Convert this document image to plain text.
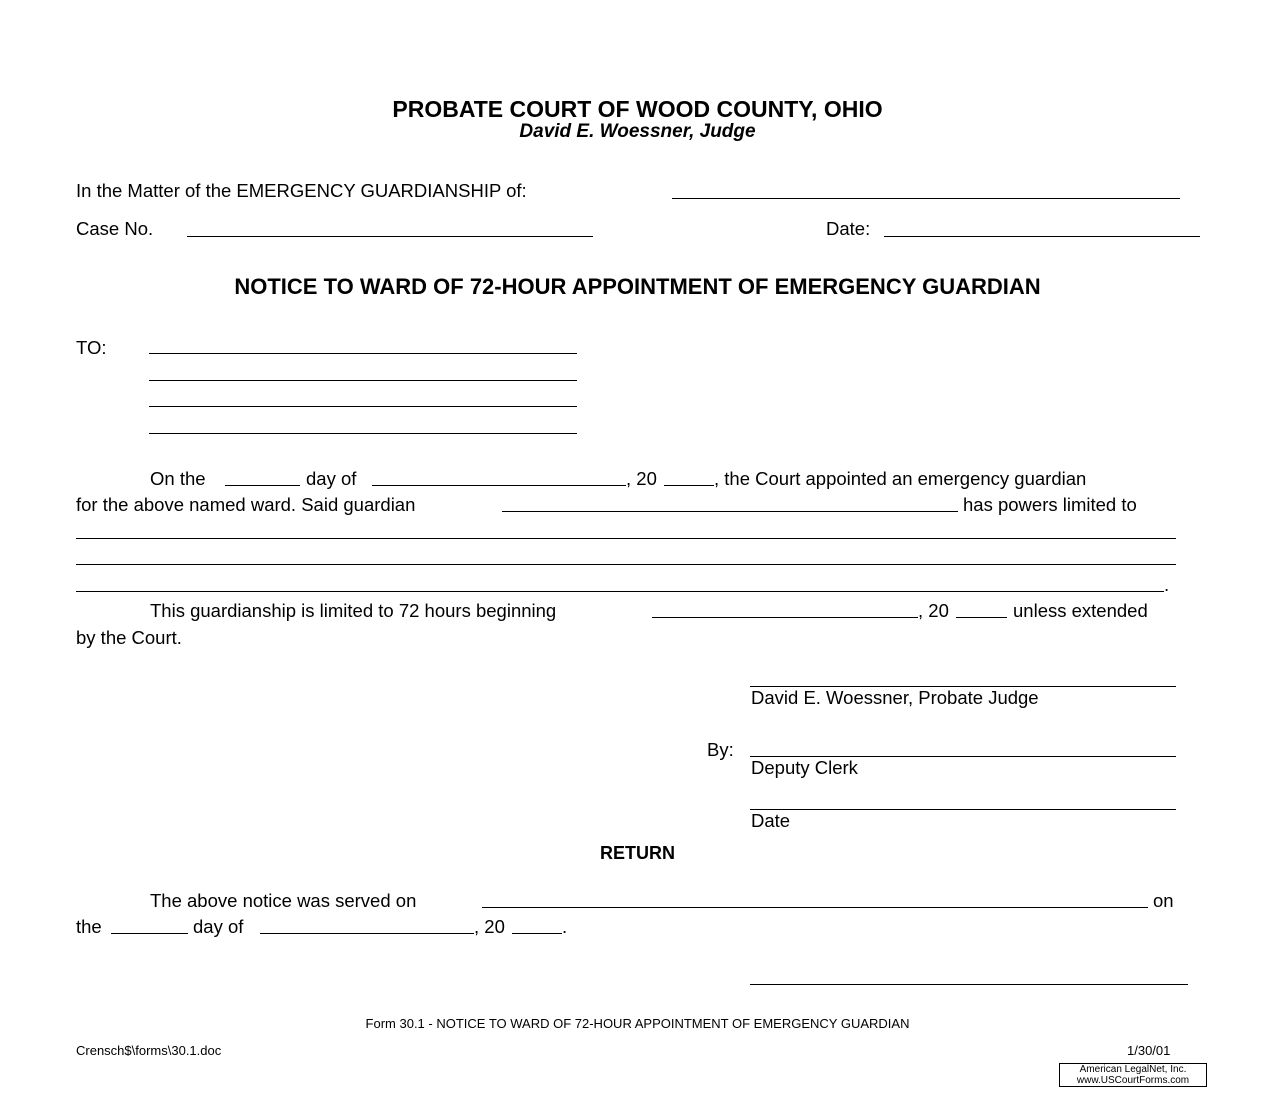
PROBATE COURT OF WOOD COUNTY, OHIO
David E. Woessner, Judge
In the Matter of the EMERGENCY GUARDIANSHIP of:
Case No.	Date:
NOTICE TO WARD OF 72-HOUR APPOINTMENT OF EMERGENCY GUARDIAN
TO:
On the	day of	, 20	, the Court appointed an emergency guardian
for the above named ward. Said guardian	has powers limited to
.
This guardianship is limited to 72 hours beginning	, 20	unless extended
by the Court.
David E. Woessner, Probate Judge
By:
Deputy Clerk
Date
RETURN
The above notice was served on	on
the	day of	, 20	.
Form 30.1 - NOTICE TO WARD OF 72-HOUR APPOINTMENT OF EMERGENCY GUARDIAN
Crensch$\forms\30.1.doc	1/30/01
American LegalNet, Inc.
www.USCourtForms.com
